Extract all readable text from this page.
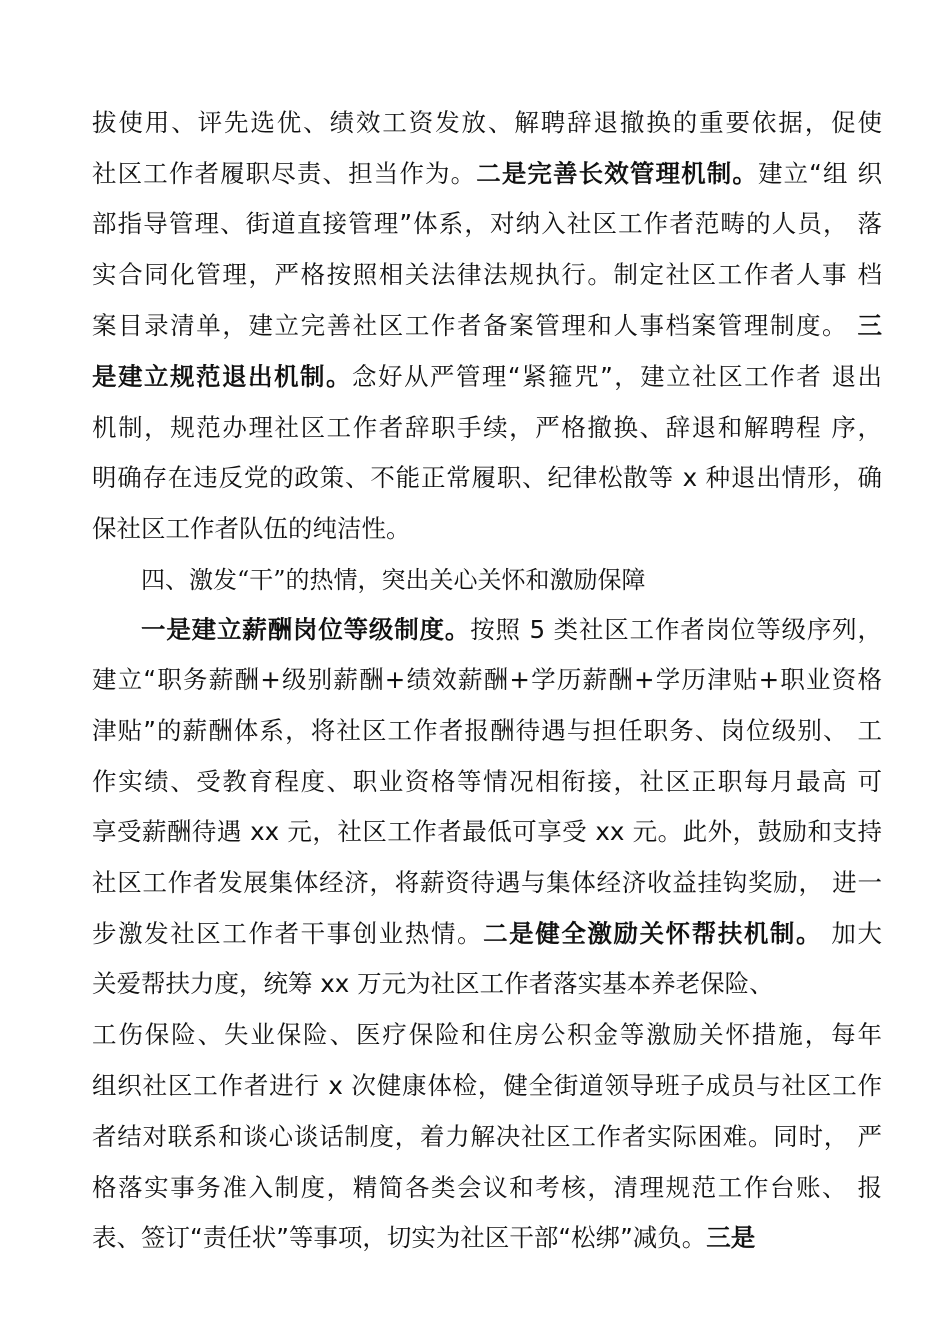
拔使用、评先选优、绩效工资发放、解聘辞退撤换的重要依据，促使
社区工作者履职尽责、担当作为。二是完善长效管理机制。建立“组 织
部指导管理、街道直接管理”体系，对纳入社区工作者范畴的人员， 落
实合同化管理，严格按照相关法律法规执行。制定社区工作者人事 档
案目录清单，建立完善社区工作者备案管理和人事档案管理制度。 三
是建立规范退出机制。念好从严管理“紧箍咒”，建立社区工作者 退出
机制，规范办理社区工作者辞职手续，严格撤换、辞退和解聘程 序，
明确存在违反党的政策、不能正常履职、纪律松散等 x 种退出情形，确
保社区工作者队伍的纯洁性。
四、激发“干”的热情，突出关心关怀和激励保障
一是建立薪酬岗位等级制度。按照 5 类社区工作者岗位等级序列，
建立“职务薪酬+级别薪酬+绩效薪酬+学历薪酬+学历津贴+职业资格
津贴”的薪酬体系，将社区工作者报酬待遇与担任职务、岗位级别、 工
作实绩、受教育程度、职业资格等情况相衔接，社区正职每月最高 可
享受薪酬待遇 xx 元，社区工作者最低可享受 xx 元。此外，鼓励和支持
社区工作者发展集体经济，将薪资待遇与集体经济收益挂钩奖励， 进一
步激发社区工作者干事创业热情。二是健全激励关怀帮扶机制。 加大
关爱帮扶力度，统筹 xx 万元为社区工作者落实基本养老保险、
工伤保险、失业保险、医疗保险和住房公积金等激励关怀措施，每年
组织社区工作者进行 x 次健康体检，健全街道领导班子成员与社区工作
者结对联系和谈心谈话制度，着力解决社区工作者实际困难。同时， 严
格落实事务准入制度，精简各类会议和考核，清理规范工作台账、 报
表、签订“责任状”等事项，切实为社区干部“松绑”减负。三是
